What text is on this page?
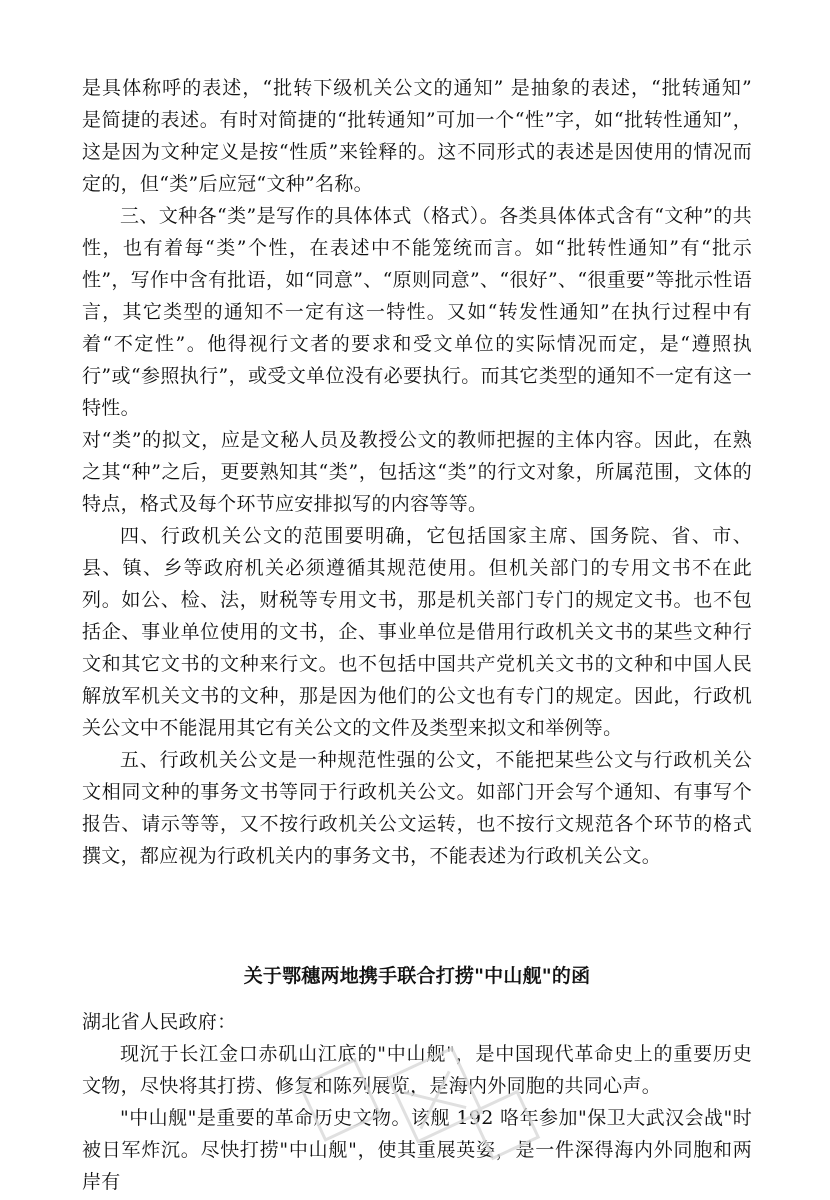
是具体称呼的表述，“批转下级机关公文的通知” 是抽象的表述，“批转通知” 是简捷的表述。有时对简捷的“批转通知”可加一个“性”字，如“批转性通知”，这是因为文种定义是按“性质”来铨释的。这不同形式的表述是因使用的情况而定的，但“类”后应冠“文种”名称。

三、文种各“类”是写作的具体体式（格式）。各类具体体式含有“文种”的共性，也有着每“类”个性，在表述中不能笼统而言。如“批转性通知”有“批示性”，写作中含有批语，如“同意”、“原则同意”、“很好”、“很重要”等批示性语言，其它类型的通知不一定有这一特性。又如“转发性通知”在执行过程中有着“不定性”。他得视行文者的要求和受文单位的实际情况而定，是“遵照执行”或“参照执行”，或受文单位没有必要执行。而其它类型的通知不一定有这一特性。

对“类”的拟文，应是文秘人员及教授公文的教师把握的主体内容。因此，在熟之其“种”之后，更要熟知其“类”，包括这“类”的行文对象，所属范围，文体的特点，格式及每个环节应安排拟写的内容等等。

四、行政机关公文的范围要明确，它包括国家主席、国务院、省、市、县、镇、乡等政府机关必须遵循其规范使用。但机关部门的专用文书不在此列。如公、检、法，财税等专用文书，那是机关部门专门的规定文书。也不包括企、事业单位使用的文书，企、事业单位是借用行政机关文书的某些文种行文和其它文书的文种来行文。也不包括中国共产党机关文书的文种和中国人民解放军机关文书的文种，那是因为他们的公文也有专门的规定。因此，行政机关公文中不能混用其它有关公文的文件及类型来拟文和举例等。

五、行政机关公文是一种规范性强的公文，不能把某些公文与行政机关公文相同文种的事务文书等同于行政机关公文。如部门开会写个通知、有事写个报告、请示等等，又不按行政机关公文运转，也不按行文规范各个环节的格式撰文，都应视为行政机关内的事务文书，不能表述为行政机关公文。

关于鄂穗两地携手联合打捞"中山舰"的函

湖北省人民政府：

现沉于长江金口赤矶山江底的"中山舰"，是中国现代革命史上的重要历史文物，尽快将其打捞、修复和陈列展览，是海内外同胞的共同心声。

"中山舰"是重要的革命历史文物。该舰 192 咯年参加"保卫大武汉会战"时被日军炸沉。尽快打捞"中山舰"，使其重展英姿，是一件深得海内外同胞和两岸有
